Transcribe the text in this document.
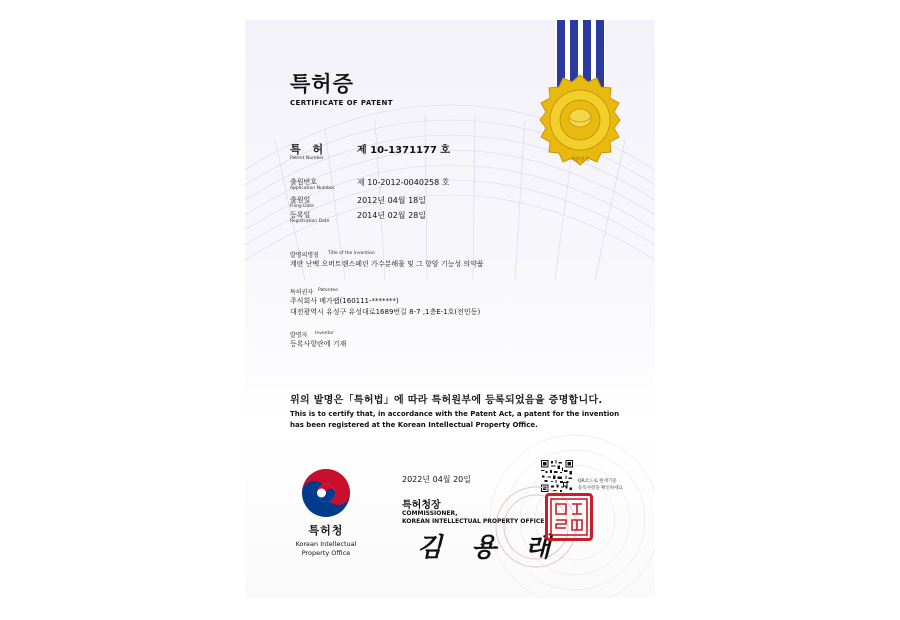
대한민국
특허증
CERTIFICATE OF PATENT
특 허
Patent Number
제 10-1371177 호
출원번호
Application Number
제 10-2012-0040258 호
출원일
Filing Date
2012년 04월 18일
등록일
Registration Date
2014년 02월 28일
발명의명칭 Title of the Invention
계란 난백 오버트랜스페린 가수분해물 및 그 항암 기능성 의약품
특허권자 Patentee
주식회사 메가랩(160111-*******)
대전광역시 유성구 유성대로1689번길 8-7 ,1층E-1호(전민동)
발명자 Inventor
등록사항란에 기재
위의 발명은「특허법」에 따라 특허원부에 등록되었음을 증명합니다.
This is to certify that, in accordance with the Patent Act, a patent for the invention has been registered at the Korean Intellectual Property Office.
특허청
Korean Intellectual
Property Office
2022년 04월 20일	QR코드로 현재기준
등록사항을 확인하세요
특허청장
COMMISSIONER,
KOREAN INTELLECTUAL PROPERTY OFFICE
김 용 래
